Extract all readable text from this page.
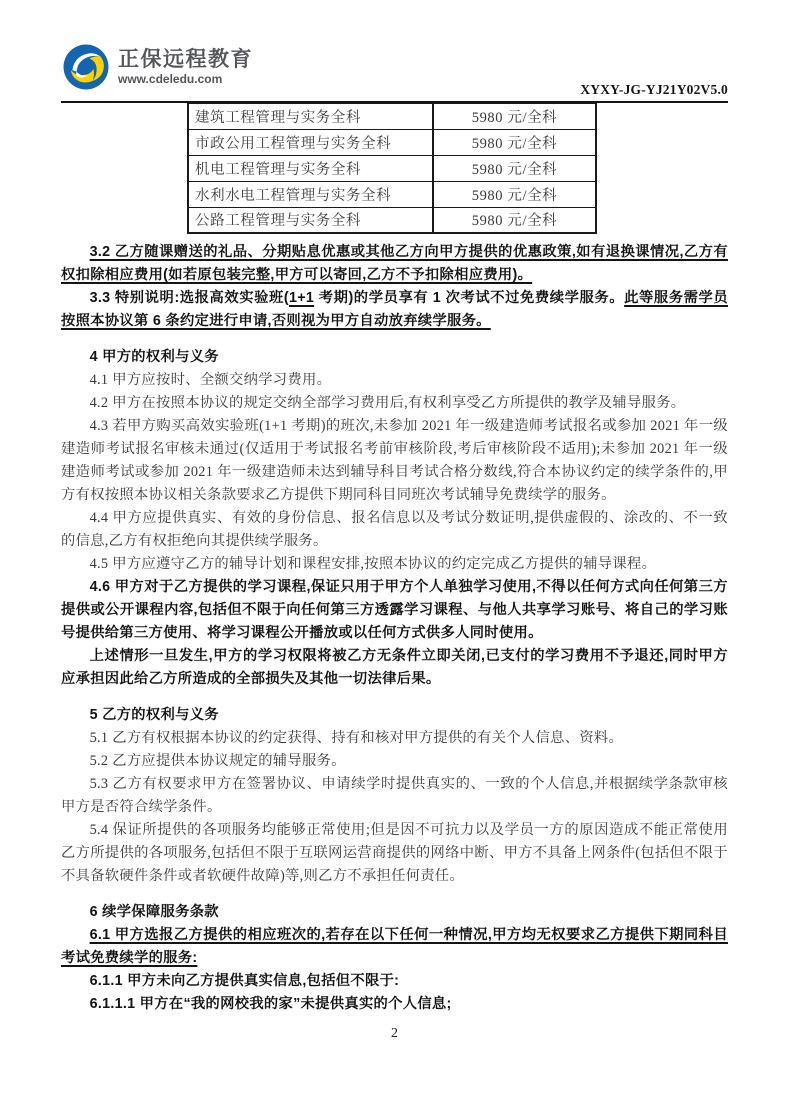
正保远程教育
www.cdeledu.com
XYXY-JG-YJ21Y02V5.0
建筑工程管理与实务全科	5980 元/全科
市政公用工程管理与实务全科	5980 元/全科
机电工程管理与实务全科	5980 元/全科
水利水电工程管理与实务全科	5980 元/全科
公路工程管理与实务全科	5980 元/全科

3.2 乙方随课赠送的礼品、分期贴息优惠或其他乙方向甲方提供的优惠政策,如有退换课情况,乙方有权扣除相应费用(如若原包装完整,甲方可以寄回,乙方不予扣除相应费用)。

3.3 特别说明:选报高效实验班(1+1 考期)的学员享有 1 次考试不过免费续学服务。此等服务需学员按照本协议第 6 条约定进行申请,否则视为甲方自动放弃续学服务。

4 甲方的权利与义务

4.1 甲方应按时、全额交纳学习费用。

4.2 甲方在按照本协议的规定交纳全部学习费用后,有权利享受乙方所提供的教学及辅导服务。

4.3 若甲方购买高效实验班(1+1 考期)的班次,未参加 2021 年一级建造师考试报名或参加 2021 年一级建造师考试报名审核未通过(仅适用于考试报名考前审核阶段,考后审核阶段不适用);未参加 2021 年一级建造师考试或参加 2021 年一级建造师未达到辅导科目考试合格分数线,符合本协议约定的续学条件的,甲方有权按照本协议相关条款要求乙方提供下期同科目同班次考试辅导免费续学的服务。

4.4 甲方应提供真实、有效的身份信息、报名信息以及考试分数证明,提供虚假的、涂改的、不一致的信息,乙方有权拒绝向其提供续学服务。

4.5 甲方应遵守乙方的辅导计划和课程安排,按照本协议的约定完成乙方提供的辅导课程。

4.6 甲方对于乙方提供的学习课程,保证只用于甲方个人单独学习使用,不得以任何方式向任何第三方提供或公开课程内容,包括但不限于向任何第三方透露学习课程、与他人共享学习账号、将自己的学习账号提供给第三方使用、将学习课程公开播放或以任何方式供多人同时使用。

上述情形一旦发生,甲方的学习权限将被乙方无条件立即关闭,已支付的学习费用不予退还,同时甲方应承担因此给乙方所造成的全部损失及其他一切法律后果。

5 乙方的权利与义务

5.1 乙方有权根据本协议的约定获得、持有和核对甲方提供的有关个人信息、资料。

5.2 乙方应提供本协议规定的辅导服务。

5.3 乙方有权要求甲方在签署协议、申请续学时提供真实的、一致的个人信息,并根据续学条款审核甲方是否符合续学条件。

5.4 保证所提供的各项服务均能够正常使用;但是因不可抗力以及学员一方的原因造成不能正常使用乙方所提供的各项服务,包括但不限于互联网运营商提供的网络中断、甲方不具备上网条件(包括但不限于不具备软硬件条件或者软硬件故障)等,则乙方不承担任何责任。

6 续学保障服务条款

6.1 甲方选报乙方提供的相应班次的,若存在以下任何一种情况,甲方均无权要求乙方提供下期同科目考试免费续学的服务:

6.1.1 甲方未向乙方提供真实信息,包括但不限于:

6.1.1.1 甲方在“我的网校我的家”未提供真实的个人信息;

2
